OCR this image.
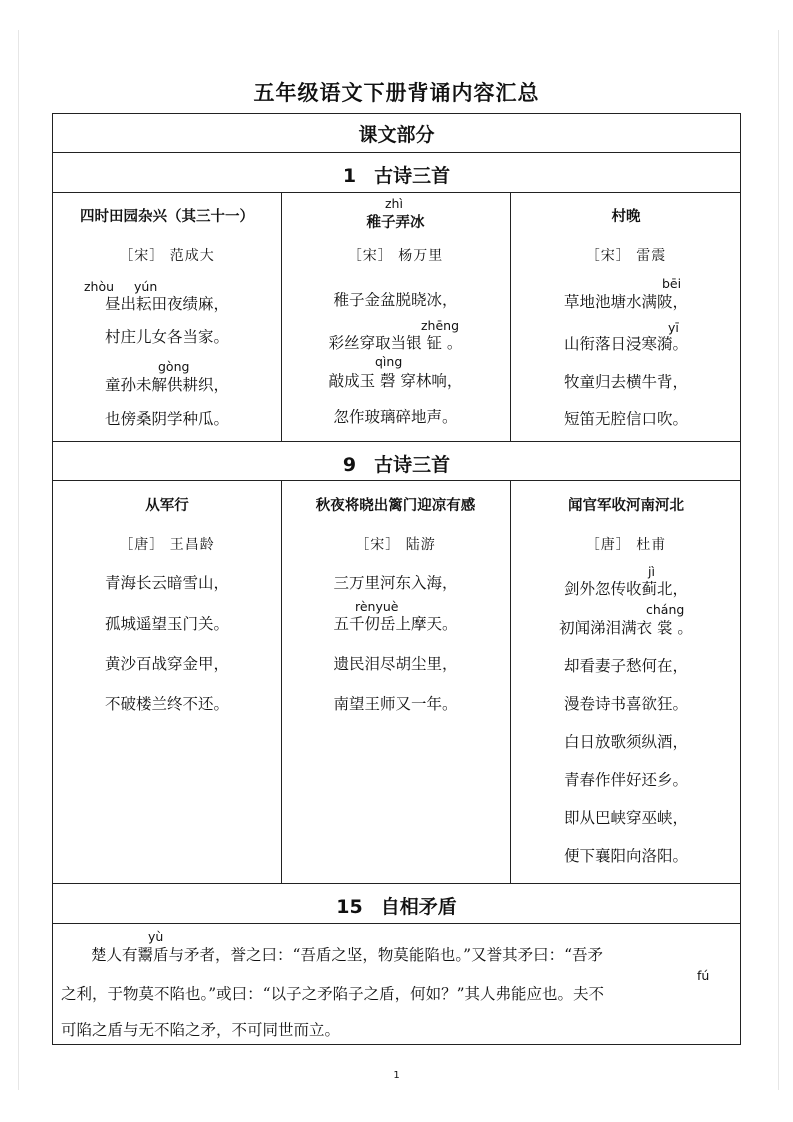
五年级语文下册背诵内容汇总
课文部分
1 古诗三首
四时田园杂兴（其三十一）
［宋］ 范成大
zhòu yún
昼出耘田夜绩麻，
村庄儿女各当家。
gòng
童孙未解供耕织，
也傍桑阴学种瓜。
zhì
稚子弄冰
［宋］ 杨万里
稚子金盆脱晓冰，
zhēng
彩丝穿取当银 钲 。
qìng
敲成玉 磬 穿林响，
忽作玻璃碎地声。
村晚
［宋］ 雷震
bēi
草地池塘水满陂，
yī
山衔落日浸寒漪。
牧童归去横牛背，
短笛无腔信口吹。
9 古诗三首
从军行
［唐］ 王昌龄
青海长云暗雪山，
孤城遥望玉门关。
黄沙百战穿金甲，
不破楼兰终不还。
秋夜将晓出篱门迎凉有感
［宋］ 陆游
三万里河东入海，
rènyuè
五千仞岳上摩天。
遗民泪尽胡尘里，
南望王师又一年。
闻官军收河南河北
［唐］ 杜甫
jì
剑外忽传收蓟北，
cháng
初闻涕泪满衣 裳 。
却看妻子愁何在，
漫卷诗书喜欲狂。
白日放歌须纵酒，
青春作伴好还乡。
即从巴峡穿巫峡，
便下襄阳向洛阳。
15 自相矛盾
yù
楚人有鬻盾与矛者，誉之曰：“吾盾之坚，物莫能陷也。”又誉其矛曰：“吾矛
fú
之利，于物莫不陷也。”或曰：“以子之矛陷子之盾，何如？”其人弗能应也。夫不
可陷之盾与无不陷之矛，不可同世而立。
1
